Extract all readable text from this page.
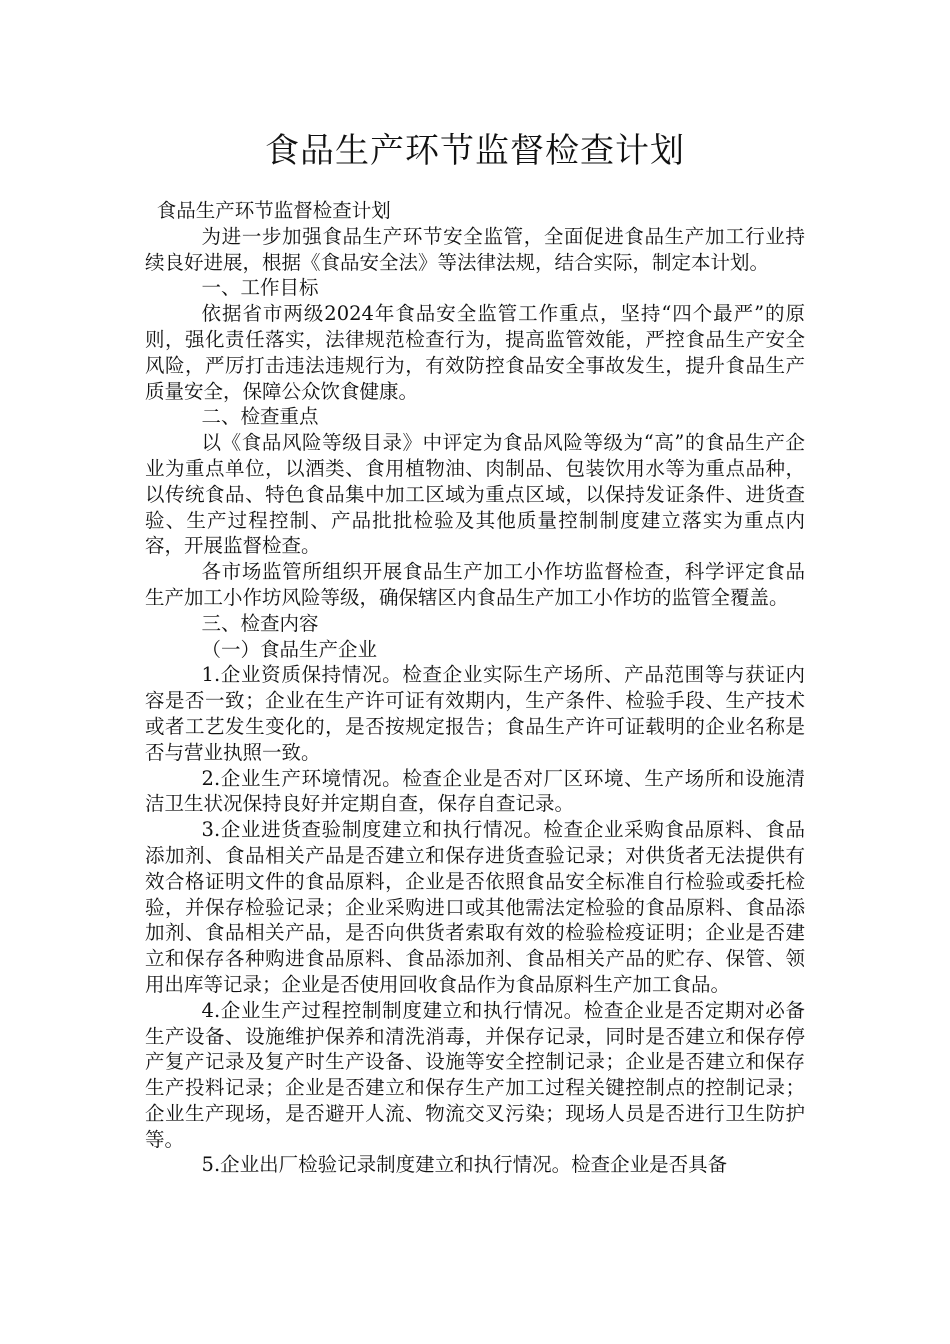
食品生产环节监督检查计划

食品生产环节监督检查计划

为进一步加强食品生产环节安全监管，全面促进食品生产加工行业持续良好进展，根据《食品安全法》等法律法规，结合实际，制定本计划。

一、工作目标

依据省市两级2024年食品安全监管工作重点，坚持“四个最严”的原则，强化责任落实，法律规范检查行为，提高监管效能，严控食品生产安全风险，严厉打击违法违规行为，有效防控食品安全事故发生，提升食品生产质量安全，保障公众饮食健康。

二、检查重点

以《食品风险等级目录》中评定为食品风险等级为“高”的食品生产企业为重点单位，以酒类、食用植物油、肉制品、包装饮用水等为重点品种，以传统食品、特色食品集中加工区域为重点区域，以保持发证条件、进货查验、生产过程控制、产品批批检验及其他质量控制制度建立落实为重点内容，开展监督检查。

各市场监管所组织开展食品生产加工小作坊监督检查，科学评定食品生产加工小作坊风险等级，确保辖区内食品生产加工小作坊的监管全覆盖。

三、检查内容

（一）食品生产企业

1.企业资质保持情况。检查企业实际生产场所、产品范围等与获证内容是否一致；企业在生产许可证有效期内，生产条件、检验手段、生产技术或者工艺发生变化的，是否按规定报告；食品生产许可证载明的企业名称是否与营业执照一致。

2.企业生产环境情况。检查企业是否对厂区环境、生产场所和设施清洁卫生状况保持良好并定期自查，保存自查记录。

3.企业进货查验制度建立和执行情况。检查企业采购食品原料、食品添加剂、食品相关产品是否建立和保存进货查验记录；对供货者无法提供有效合格证明文件的食品原料，企业是否依照食品安全标准自行检验或委托检验，并保存检验记录；企业采购进口或其他需法定检验的食品原料、食品添加剂、食品相关产品，是否向供货者索取有效的检验检疫证明；企业是否建立和保存各种购进食品原料、食品添加剂、食品相关产品的贮存、保管、领用出库等记录；企业是否使用回收食品作为食品原料生产加工食品。

4.企业生产过程控制制度建立和执行情况。检查企业是否定期对必备生产设备、设施维护保养和清洗消毒，并保存记录，同时是否建立和保存停产复产记录及复产时生产设备、设施等安全控制记录；企业是否建立和保存生产投料记录；企业是否建立和保存生产加工过程关键控制点的控制记录；企业生产现场，是否避开人流、物流交叉污染；现场人员是否进行卫生防护等。

5.企业出厂检验记录制度建立和执行情况。检查企业是否具备
